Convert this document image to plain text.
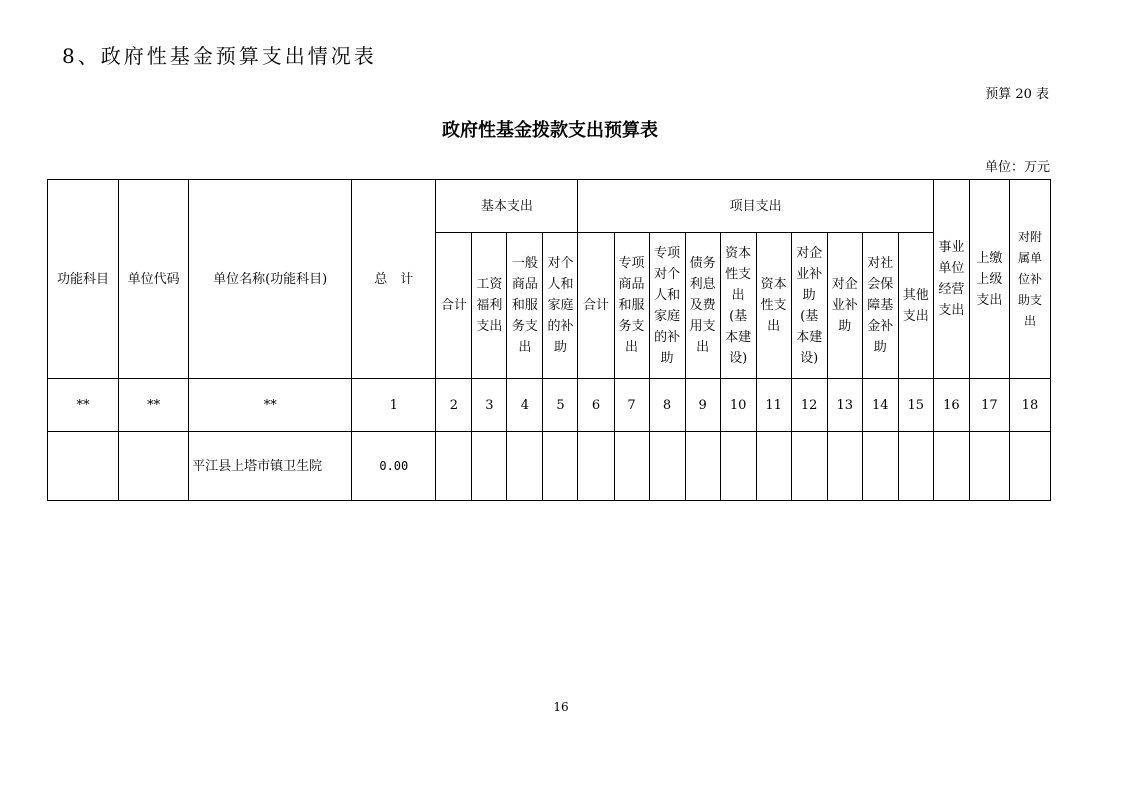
8、政府性基金预算支出情况表
预算 20 表
政府性基金拨款支出预算表
单位：万元
功能科目	单位代码	单位名称(功能科目)	总　计	基本支出				项目支出										事业单位经营支出	上缴上级支出	对附属单位补助支出
				合计	工资福利支出	一般商品和服务支出	对个人和家庭的补助	合计	专项商品和服务支出	专项对个人和家庭的补助	债务利息及费用支出	资本性支出(基本建设)	资本性支出	对企业补助(基本建设)	对企业补助	对社会保障基金补助	其他支出			
**	**	**	1	2	3	4	5	6	7	8	9	10	11	12	13	14	15	16	17	18
		平江县上塔市镇卫生院	0.00																	
16
